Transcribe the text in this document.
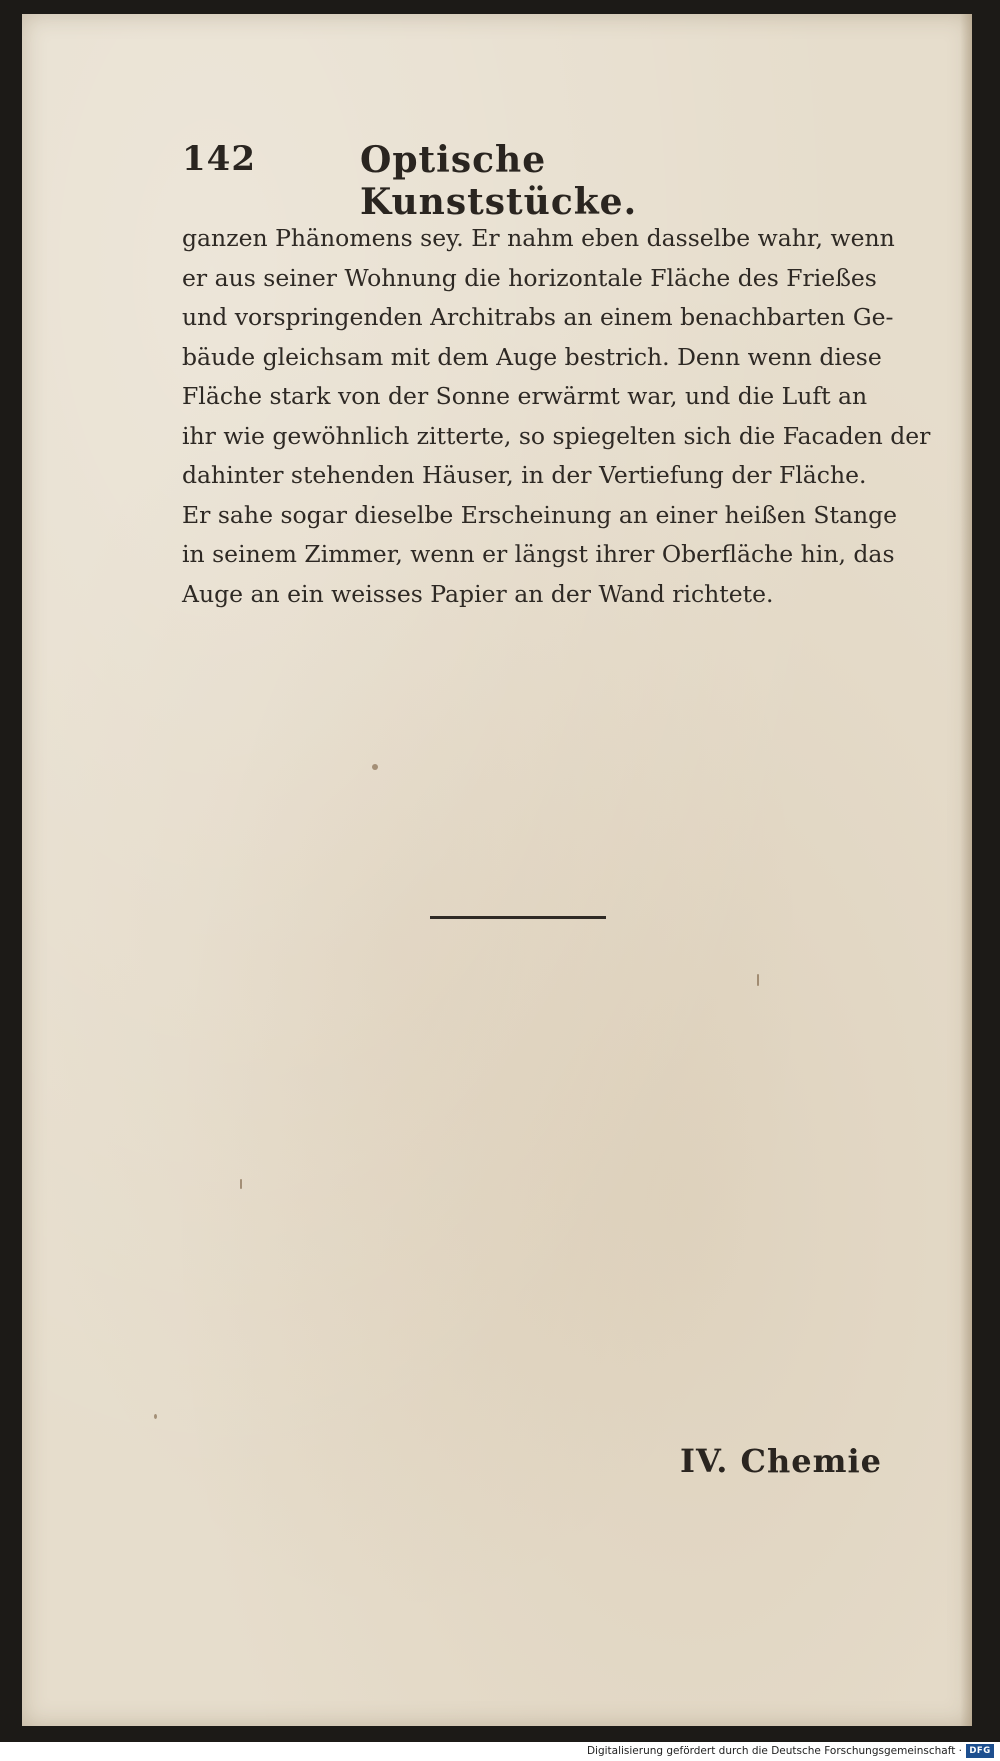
142	Optische Kunststücke.
ganzen Phänomens sey. Er nahm eben dasselbe wahr, wenn
er aus seiner Wohnung die horizontale Fläche des Frießes
und vorspringenden Architrabs an einem benachbarten Ge-
bäude gleichsam mit dem Auge bestrich. Denn wenn diese
Fläche stark von der Sonne erwärmt war, und die Luft an
ihr wie gewöhnlich zitterte, so spiegelten sich die Facaden der
dahinter stehenden Häuser, in der Vertiefung der Fläche.
Er sahe sogar dieselbe Erscheinung an einer heißen Stange
in seinem Zimmer, wenn er längst ihrer Oberfläche hin, das
Auge an ein weisses Papier an der Wand richtete.
IV. Chemie
Digitalisierung gefördert durch die Deutsche Forschungsgemeinschaft · DFG
